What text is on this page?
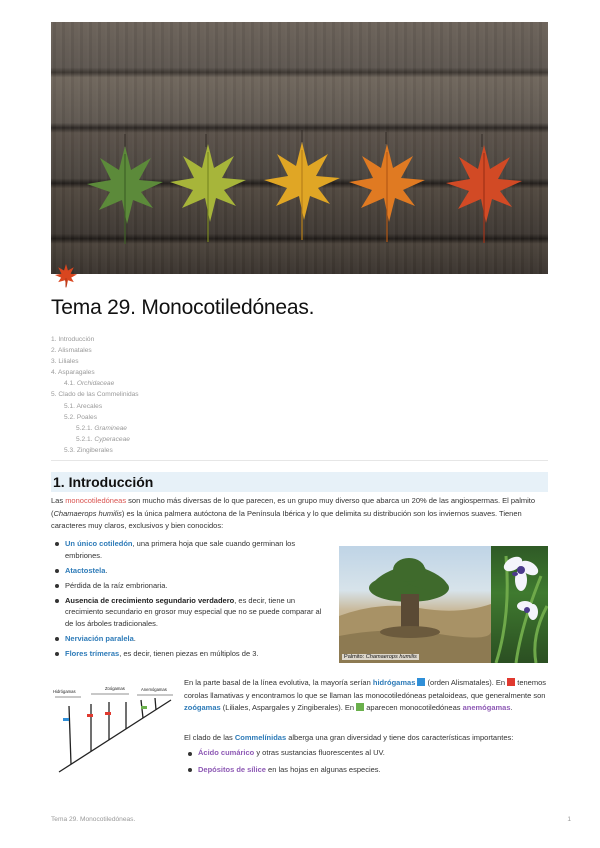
Tema 29. Monocotiledóneas.
1. Introducción
2. Alismatales
3. Liliales
4. Asparagales
4.1. Orchidaceae
5. Clado de las Commelinidas
5.1. Arecales
5.2. Poales
5.2.1. Gramineae
5.2.1. Cyperaceae
5.3. Zingiberales
1. Introducción

Las monocotiledóneas son mucho más diversas de lo que parecen, es un grupo muy diverso que abarca un 20% de las angiospermas. El palmito (Chamaerops humilis) es la única palmera autóctona de la Península Ibérica y lo que delimita su distribución son los inviernos suaves. Tienen caracteres muy claros, exclusivos y bien conocidos:

Un único cotiledón, una primera hoja que sale cuando germinan los embriones.
Atactostela.
Pérdida de la raíz embrionaria.
Ausencia de crecimiento segundario verdadero, es decir, tiene un crecimiento secundario en grosor muy especial que no se puede comparar al de los árboles tradicionales.
Nerviación paralela.
Flores trímeras, es decir, tienen piezas en múltiplos de 3.	Palmito: Chamaerops humilis
Hidrógamas
Zoógamas	Anemógamas

En la parte basal de la línea evolutiva, la mayoría serían hidrógamas  (orden Alismatales). En  tenemos corolas llamativas y encontramos lo que se llaman las monocotiledóneas petaloideas, que generalmente son zoógamas (Liliales, Aspargales y Zingiberales). En  aparecen monocotiledóneas anemógamas.

El clado de las Commelínidas alberga una gran diversidad y tiene dos características importantes:

Ácido cumárico y otras sustancias fluorescentes al UV.
Depósitos de sílice en las hojas en algunas especies.
Tema 29. Monocotiledóneas.	1
